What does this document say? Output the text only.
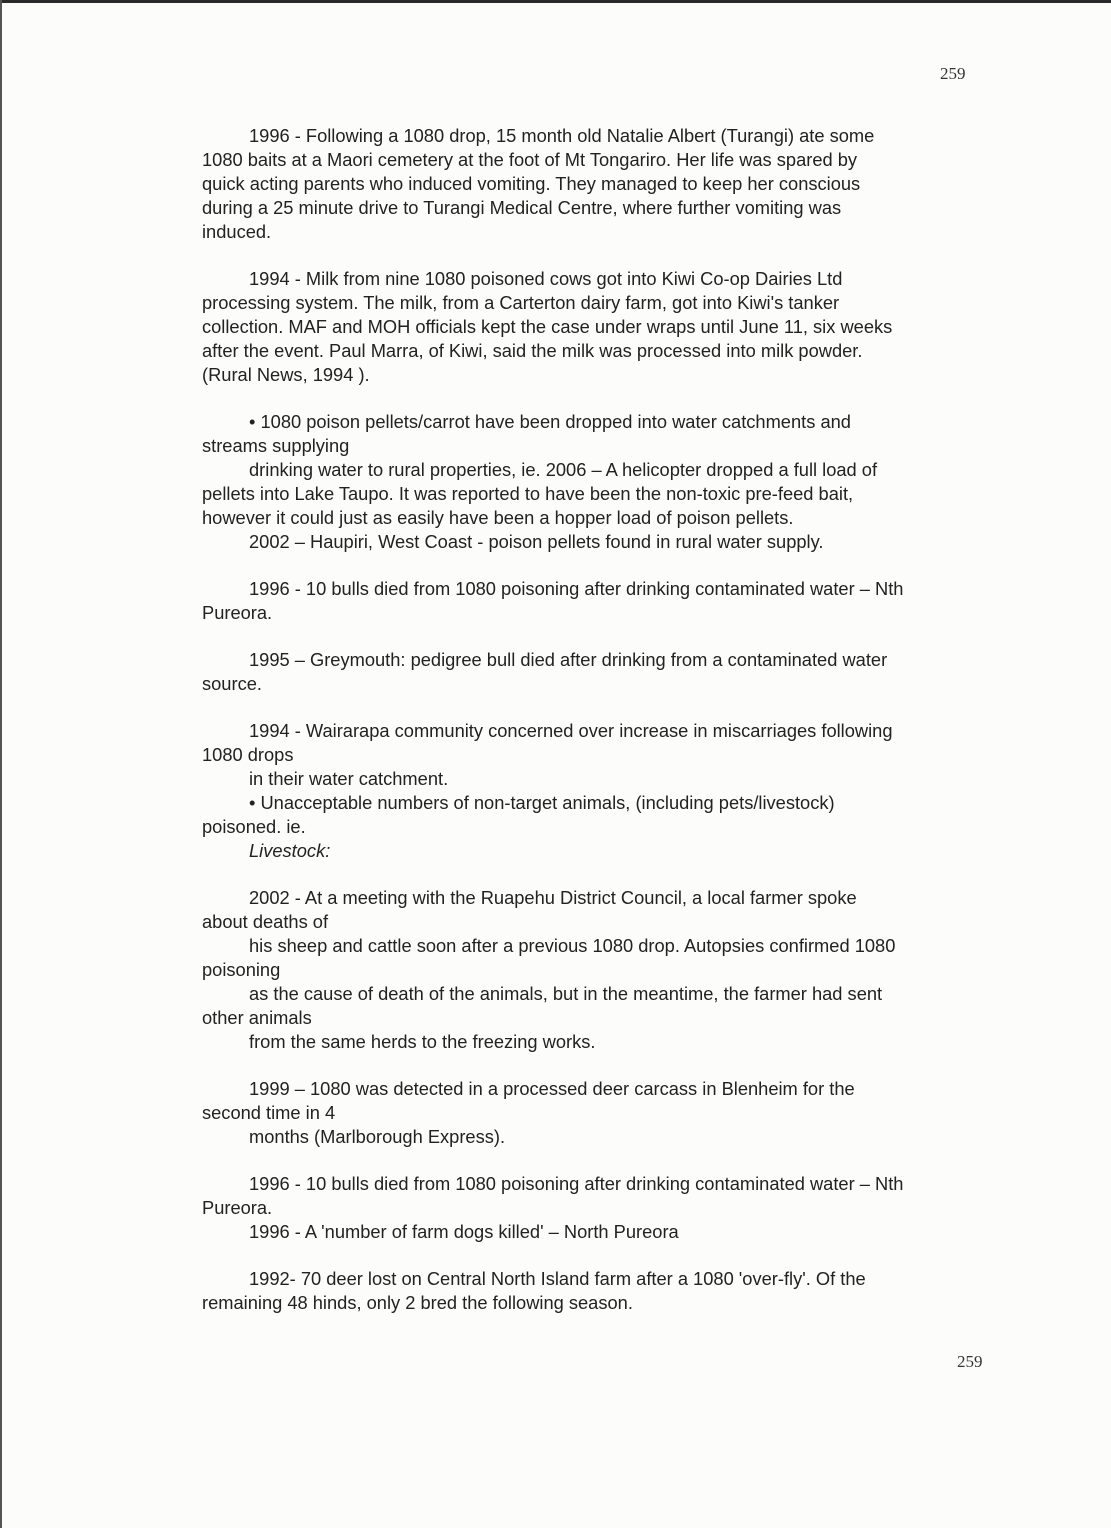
259

1996 - Following a 1080 drop, 15 month old Natalie Albert (Turangi) ate some
1080 baits at a Maori cemetery at the foot of Mt Tongariro. Her life was spared by
quick acting parents who induced vomiting. They managed to keep her conscious
during a 25 minute drive to Turangi Medical Centre, where further vomiting was
induced.

1994 - Milk from nine 1080 poisoned cows got into Kiwi Co-op Dairies Ltd
processing system. The milk, from a Carterton dairy farm, got into Kiwi's tanker
collection. MAF and MOH officials kept the case under wraps until June 11, six weeks
after the event. Paul Marra, of Kiwi, said the milk was processed into milk powder.
(Rural News, 1994 ).

• 1080 poison pellets/carrot have been dropped into water catchments and
streams supplying
drinking water to rural properties, ie. 2006 – A helicopter dropped a full load of
pellets into Lake Taupo. It was reported to have been the non-toxic pre-feed bait,
however it could just as easily have been a hopper load of poison pellets.
2002 – Haupiri, West Coast - poison pellets found in rural water supply.

1996 - 10 bulls died from 1080 poisoning after drinking contaminated water – Nth
Pureora.

1995 – Greymouth: pedigree bull died after drinking from a contaminated water
source.

1994 - Wairarapa community concerned over increase in miscarriages following
1080 drops
in their water catchment.
• Unacceptable numbers of non-target animals, (including pets/livestock)
poisoned. ie.
Livestock:

2002 - At a meeting with the Ruapehu District Council, a local farmer spoke
about deaths of
his sheep and cattle soon after a previous 1080 drop. Autopsies confirmed 1080
poisoning
as the cause of death of the animals, but in the meantime, the farmer had sent
other animals
from the same herds to the freezing works.

1999 – 1080 was detected in a processed deer carcass in Blenheim for the
second time in 4
months (Marlborough Express).

1996 - 10 bulls died from 1080 poisoning after drinking contaminated water – Nth
Pureora.
1996 - A 'number of farm dogs killed' – North Pureora

1992- 70 deer lost on Central North Island farm after a 1080 'over-fly'. Of the
remaining 48 hinds, only 2 bred the following season.

259
